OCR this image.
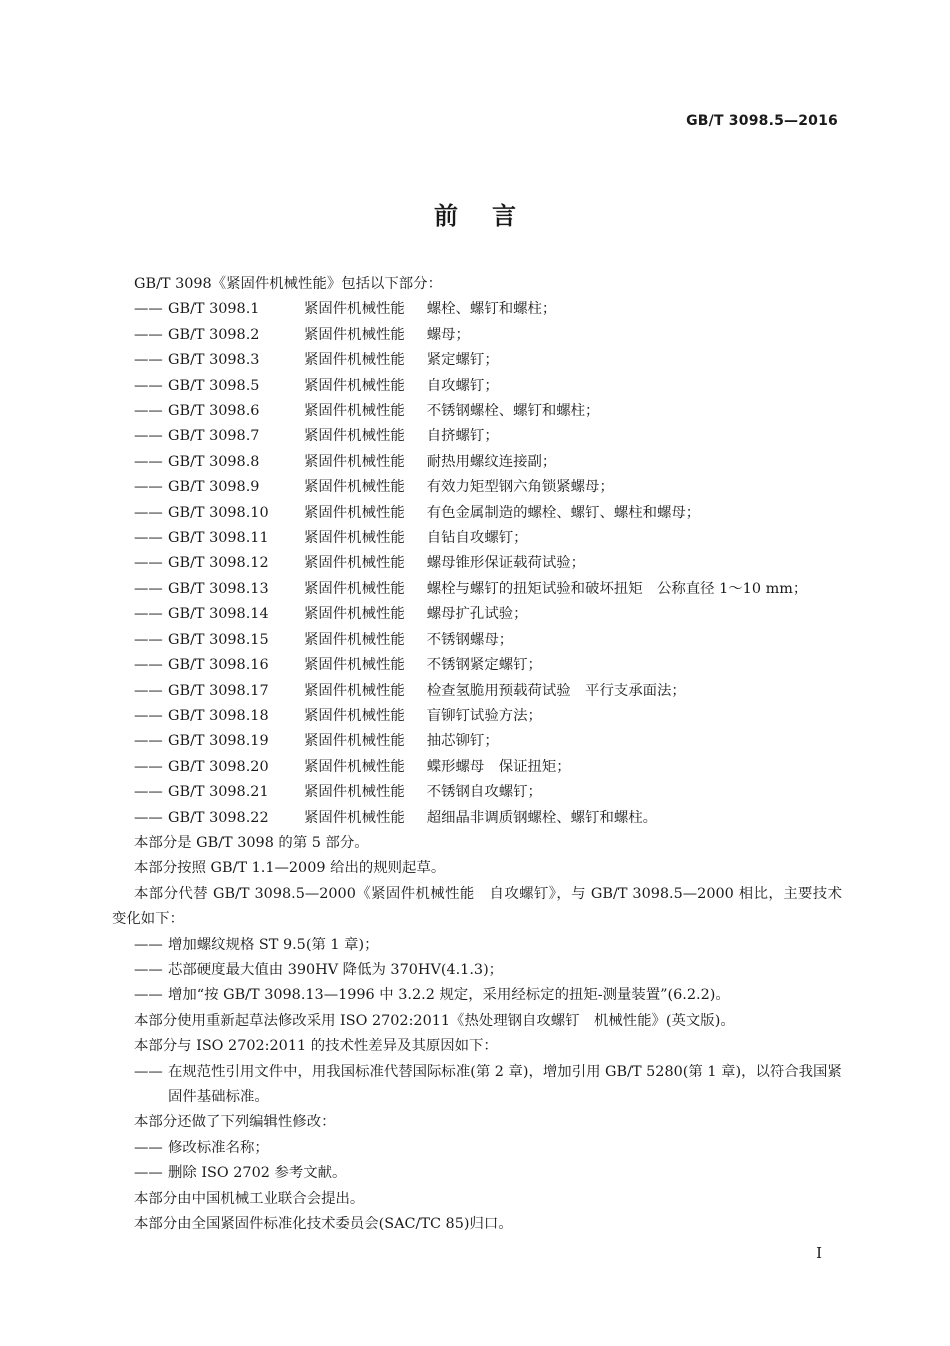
GB/T 3098.5—2016
前言

GB/T 3098《紧固件机械性能》包括以下部分：

—— GB/T 3098.1	紧固件机械性能 螺栓、螺钉和螺柱；
—— GB/T 3098.2	紧固件机械性能 螺母；
—— GB/T 3098.3	紧固件机械性能 紧定螺钉；
—— GB/T 3098.5	紧固件机械性能 自攻螺钉；
—— GB/T 3098.6	紧固件机械性能 不锈钢螺栓、螺钉和螺柱；
—— GB/T 3098.7	紧固件机械性能 自挤螺钉；
—— GB/T 3098.8	紧固件机械性能 耐热用螺纹连接副；
—— GB/T 3098.9	紧固件机械性能 有效力矩型钢六角锁紧螺母；
—— GB/T 3098.10	紧固件机械性能 有色金属制造的螺栓、螺钉、螺柱和螺母；
—— GB/T 3098.11	紧固件机械性能 自钻自攻螺钉；
—— GB/T 3098.12	紧固件机械性能 螺母锥形保证载荷试验；
—— GB/T 3098.13	紧固件机械性能 螺栓与螺钉的扭矩试验和破坏扭矩　公称直径 1～10 mm；
—— GB/T 3098.14	紧固件机械性能 螺母扩孔试验；
—— GB/T 3098.15	紧固件机械性能 不锈钢螺母；
—— GB/T 3098.16	紧固件机械性能 不锈钢紧定螺钉；
—— GB/T 3098.17	紧固件机械性能 检查氢脆用预载荷试验　平行支承面法；
—— GB/T 3098.18	紧固件机械性能 盲铆钉试验方法；
—— GB/T 3098.19	紧固件机械性能 抽芯铆钉；
—— GB/T 3098.20	紧固件机械性能 蝶形螺母　保证扭矩；
—— GB/T 3098.21	紧固件机械性能 不锈钢自攻螺钉；
—— GB/T 3098.22	紧固件机械性能 超细晶非调质钢螺栓、螺钉和螺柱。

本部分是 GB/T 3098 的第 5 部分。

本部分按照 GB/T 1.1—2009 给出的规则起草。

本部分代替 GB/T 3098.5—2000《紧固件机械性能　自攻螺钉》，与 GB/T 3098.5—2000 相比，主要技术变化如下：

—— 增加螺纹规格 ST 9.5(第 1 章)；
—— 芯部硬度最大值由 390HV 降低为 370HV(4.1.3)；
—— 增加“按 GB/T 3098.13—1996 中 3.2.2 规定，采用经标定的扭矩-测量装置”(6.2.2)。

本部分使用重新起草法修改采用 ISO 2702:2011《热处理钢自攻螺钉　机械性能》(英文版)。

本部分与 ISO 2702:2011 的技术性差异及其原因如下：

—— 在规范性引用文件中，用我国标准代替国际标准(第 2 章)，增加引用 GB/T 5280(第 1 章)，以符合我国紧固件基础标准。

本部分还做了下列编辑性修改：

—— 修改标准名称；
—— 删除 ISO 2702 参考文献。

本部分由中国机械工业联合会提出。

本部分由全国紧固件标准化技术委员会(SAC/TC 85)归口。

I
